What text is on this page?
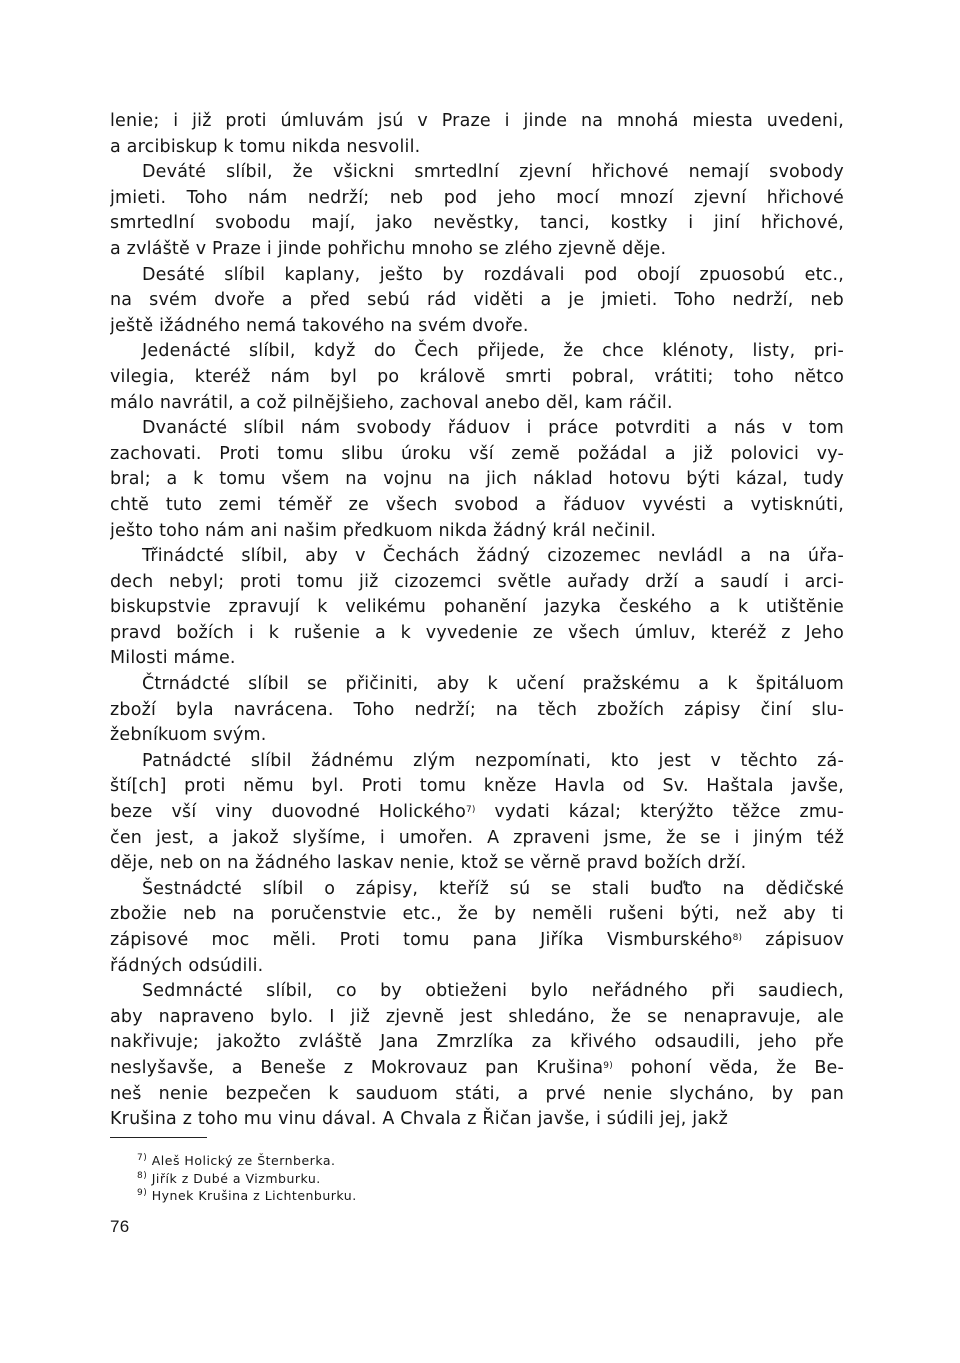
lenie; i již proti úmluvám jsú v Praze i jinde na mnohá miesta uvedeni,
a arcibiskup k tomu nikda nesvolil.
Deváté slíbil, že všickni smrtedlní zjevní hřichové nemají svobody
jmieti. Toho nám nedrží; neb pod jeho mocí mnozí zjevní hřichové
smrtedlní svobodu mají, jako nevěstky, tanci, kostky i jiní hřichové,
a zvláště v Praze i jinde pohřichu mnoho se zlého zjevně děje.
Desáté slíbil kaplany, ješto by rozdávali pod obojí zpuosobú etc.,
na svém dvoře a před sebú rád viděti a je jmieti. Toho nedrží, neb
ještě ižádného nemá takového na svém dvoře.
Jedenácté slíbil, když do Čech přijede, že chce klénoty, listy, pri-
vilegia, kteréž nám byl po královĕ smrti pobral, vrátiti; toho nĕtco
málo navrátil, a což pilnĕjšieho, zachoval anebo dĕl, kam ráčil.
Dvanácté slíbil nám svobody řáduov i práce potvrditi a nás v tom
zachovati. Proti tomu slibu úroku vší zemĕ požádal a již polovici vy-
bral; a k tomu všem na vojnu na jich náklad hotovu býti kázal, tudy
chtĕ tuto zemi téměř ze všech svobod a řáduov vyvésti a vytisknúti,
ješto toho nám ani našim předkuom nikda žádný král nečinil.
Třinádcté slíbil, aby v Čechách žádný cizozemec nevládl a na úřa-
dech nebyl; proti tomu již cizozemci světle auřady drží a saudí i arci-
biskupstvie zpravují k velikému pohanĕní jazyka českého a k utištĕnie
pravd božích i k rušenie a k vyvedenie ze všech úmluv, kteréž z Jeho
Milosti máme.
Čtrnádcté slíbil se přičiniti, aby k učení pražskému a k špitáluom
zboží byla navrácena. Toho nedrží; na těch zbožích zápisy činí slu-
žebníkuom svým.
Patnádcté slíbil žádnému zlým nezpomínati, kto jest v těchto zá-
ští[ch] proti nĕmu byl. Proti tomu kněze Havla od Sv. Haštala javše,
beze vší viny duovodné Holického$^{7)}$ vydati kázal; kterýžto těžce zmu-
čen jest, a jakož slyšíme, i umořen. A zpraveni jsme, že se i jiným též
dĕje, neb on na žádného laskav nenie, ktož se věrnĕ pravd božích drží.
Šestnádcté slíbil o zápisy, kteříž sú se stali buďto na dědičské
zbožie neb na poručenstvie etc., že by nemĕli rušeni býti, než aby ti
zápisové moc mĕli. Proti tomu pana Jiříka Vismburského$^{8)}$ zápisuov
řádných odsúdili.
Sedmnácté slíbil, co by obtieženi bylo neřádného při saudiech,
aby napraveno bylo. I již zjevnĕ jest shledáno, že se nenapravuje, ale
nakřivuje; jakožto zvláště Jana Zmrzlíka za křivého odsaudili, jeho pře
neslyšavše, a Beneše z Mokrovauz pan Krušina$^{9)}$ pohoní vĕda, že Be-
neš nenie bezpečen k sauduom státi, a prvé nenie slycháno, by pan
Krušina z toho mu vinu dával. A Chvala z Řičan javše, i súdili jej, jakž
$^{7)}$ Aleš Holický ze Šternberka.
$^{8)}$ Jiřík z Dubé a Vizmburku.
$^{9)}$ Hynek Krušina z Lichtenburku.
76
